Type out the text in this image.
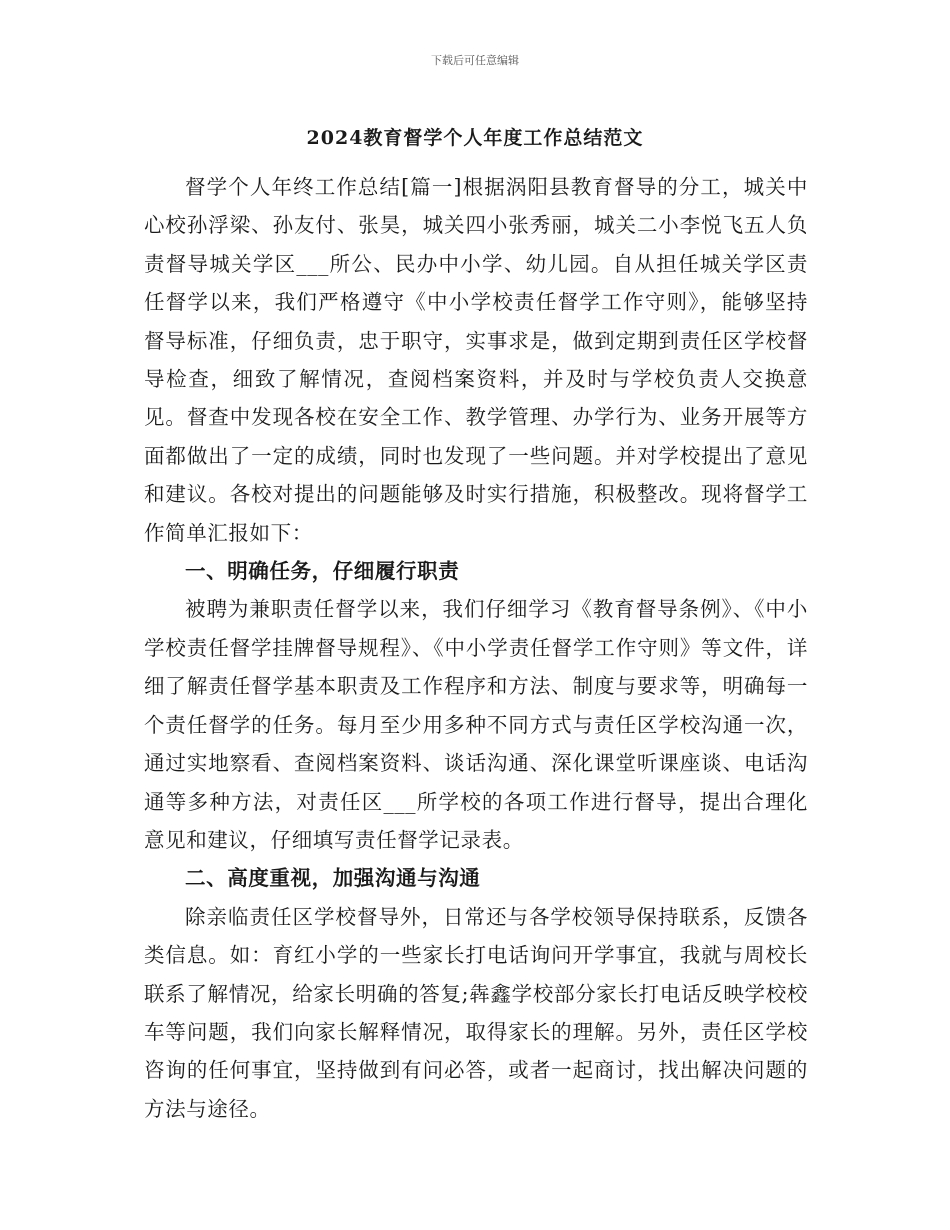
下载后可任意编辑
2024教育督学个人年度工作总结范文

督学个人年终工作总结[篇一]根据涡阳县教育督导的分工，城关中心校孙浮梁、孙友付、张昊，城关四小张秀丽，城关二小李悦飞五人负责督导城关学区___所公、民办中小学、幼儿园。自从担任城关学区责任督学以来，我们严格遵守《中小学校责任督学工作守则》，能够坚持督导标准，仔细负责，忠于职守，实事求是，做到定期到责任区学校督导检查，细致了解情况，查阅档案资料，并及时与学校负责人交换意见。督查中发现各校在安全工作、教学管理、办学行为、业务开展等方面都做出了一定的成绩，同时也发现了一些问题。并对学校提出了意见和建议。各校对提出的问题能够及时实行措施，积极整改。现将督学工作简单汇报如下：

一、明确任务，仔细履行职责

被聘为兼职责任督学以来，我们仔细学习《教育督导条例》、《中小学校责任督学挂牌督导规程》、《中小学责任督学工作守则》等文件，详细了解责任督学基本职责及工作程序和方法、制度与要求等，明确每一个责任督学的任务。每月至少用多种不同方式与责任区学校沟通一次，通过实地察看、查阅档案资料、谈话沟通、深化课堂听课座谈、电话沟通等多种方法，对责任区___所学校的各项工作进行督导，提出合理化意见和建议，仔细填写责任督学记录表。

二、高度重视，加强沟通与沟通

除亲临责任区学校督导外，日常还与各学校领导保持联系，反馈各类信息。如：育红小学的一些家长打电话询问开学事宜，我就与周校长联系了解情况，给家长明确的答复;犇鑫学校部分家长打电话反映学校校车等问题，我们向家长解释情况，取得家长的理解。另外，责任区学校咨询的任何事宜，坚持做到有问必答，或者一起商讨，找出解决问题的方法与途径。
